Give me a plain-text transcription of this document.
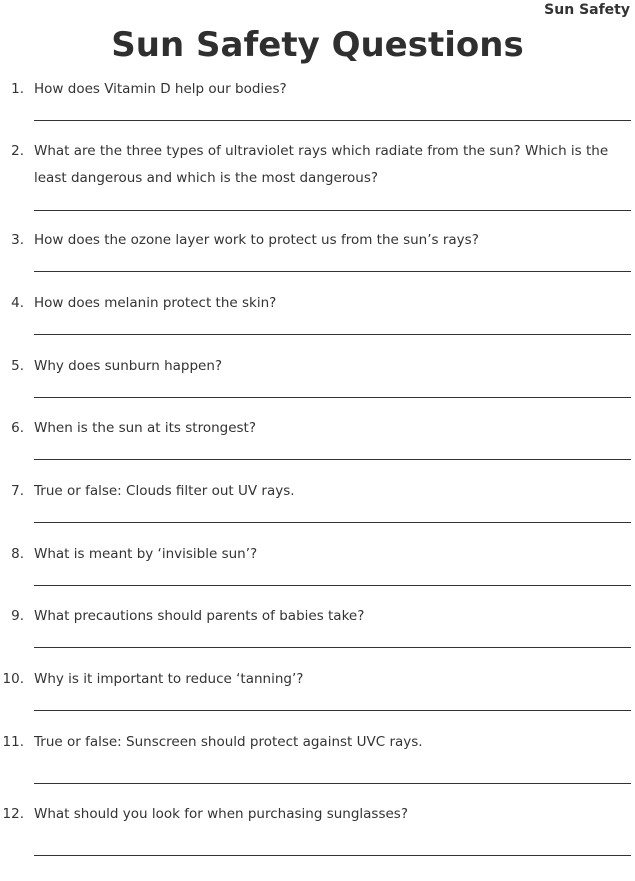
Sun Safety
Sun Safety Questions
1. How does Vitamin D help our bodies?
2. What are the three types of ultraviolet rays which radiate from the sun? Which is the least dangerous and which is the most dangerous?
3. How does the ozone layer work to protect us from the sun’s rays?
4. How does melanin protect the skin?
5. Why does sunburn happen?
6. When is the sun at its strongest?
7. True or false: Clouds filter out UV rays.
8. What is meant by ‘invisible sun’?
9. What precautions should parents of babies take?
10. Why is it important to reduce ‘tanning’?
11. True or false: Sunscreen should protect against UVC rays.
12. What should you look for when purchasing sunglasses?
